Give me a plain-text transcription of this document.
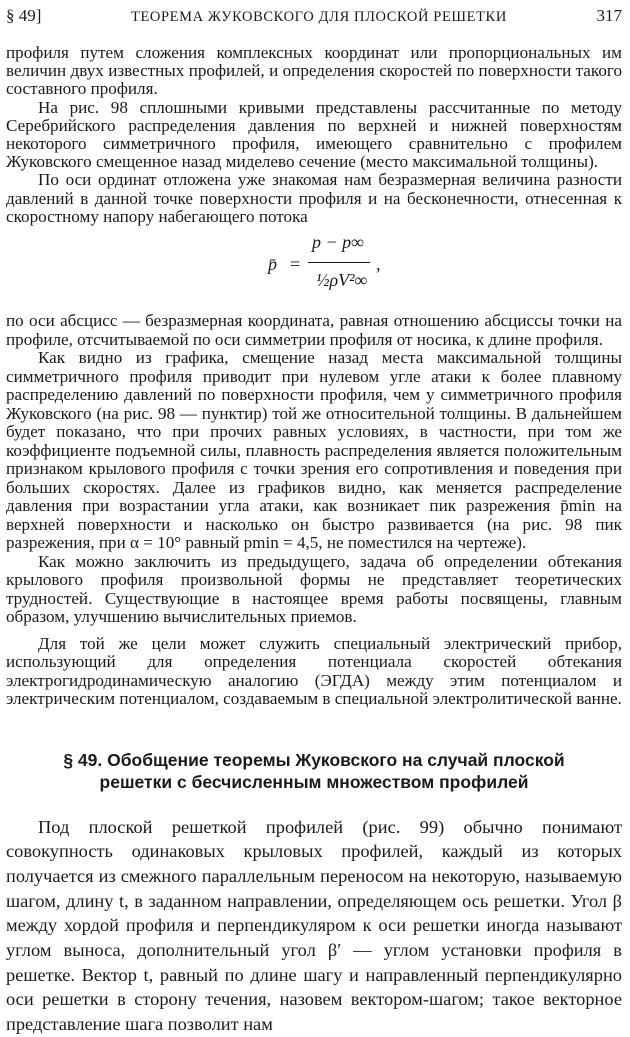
§ 49]	ТЕОРЕМА ЖУКОВСКОГО ДЛЯ ПЛОСКОЙ РЕШЕТКИ	317

профиля путем сложения комплексных координат или пропорциональных им величин двух известных профилей, и определения скоростей по поверхности такого составного профиля.

На рис. 98 сплошными кривыми представлены рассчитанные по методу Серебрийского распределения давления по верхней и нижней поверхностям некоторого симметричного профиля, имеющего сравнительно с профилем Жуковского смещенное назад миделево сечение (место максимальной толщины).

По оси ординат отложена уже знакомая нам безразмерная величина разности давлений в данной точке поверхности профиля и на бесконечности, отнесенная к скоростному напору набегающего потока

p̄ =
p − p∞
½ρV²∞
,

по оси абсцисс — безразмерная координата, равная отношению абсциссы точки на профиле, отсчитываемой по оси симметрии профиля от носика, к длине профиля.

Как видно из графика, смещение назад места максимальной толщины симметричного профиля приводит при нулевом угле атаки к более плавному распределению давлений по поверхности профиля, чем у симметричного профиля Жуковского (на рис. 98 — пунктир) той же относительной толщины. В дальнейшем будет показано, что при прочих равных условиях, в частности, при том же коэффициенте подъемной силы, плавность распределения является положительным признаком крылового профиля с точки зрения его сопротивления и поведения при больших скоростях. Далее из графиков видно, как меняется распределение давления при возрастании угла атаки, как возникает пик разрежения p̄min на верхней поверхности и насколько он быстро развивается (на рис. 98 пик разрежения, при α = 10° равный pmin = 4,5, не поместился на чертеже).

Как можно заключить из предыдущего, задача об определении обтекания крылового профиля произвольной формы не представляет теоретических трудностей. Существующие в настоящее время работы посвящены, главным образом, улучшению вычислительных приемов.

Для той же цели может служить специальный электрический прибор, использующий для определения потенциала скоростей обтекания электрогидродинамическую аналогию (ЭГДА) между этим потенциалом и электрическим потенциалом, создаваемым в специальной электролитической ванне.

§ 49. Обобщение теоремы Жуковского на случай плоской
решетки с бесчисленным множеством профилей

Под плоской решеткой профилей (рис. 99) обычно понимают совокупность одинаковых крыловых профилей, каждый из которых получается из смежного параллельным переносом на некоторую, называемую шагом, длину t, в заданном направлении, определяющем ось решетки. Угол β между хордой профиля и перпендикуляром к оси решетки иногда называют углом выноса, дополнительный угол β′ — углом установки профиля в решетке. Вектор t, равный по длине шагу и направленный перпендикулярно оси решетки в сторону течения, назовем вектором-шагом; такое векторное представление шага позволит нам
